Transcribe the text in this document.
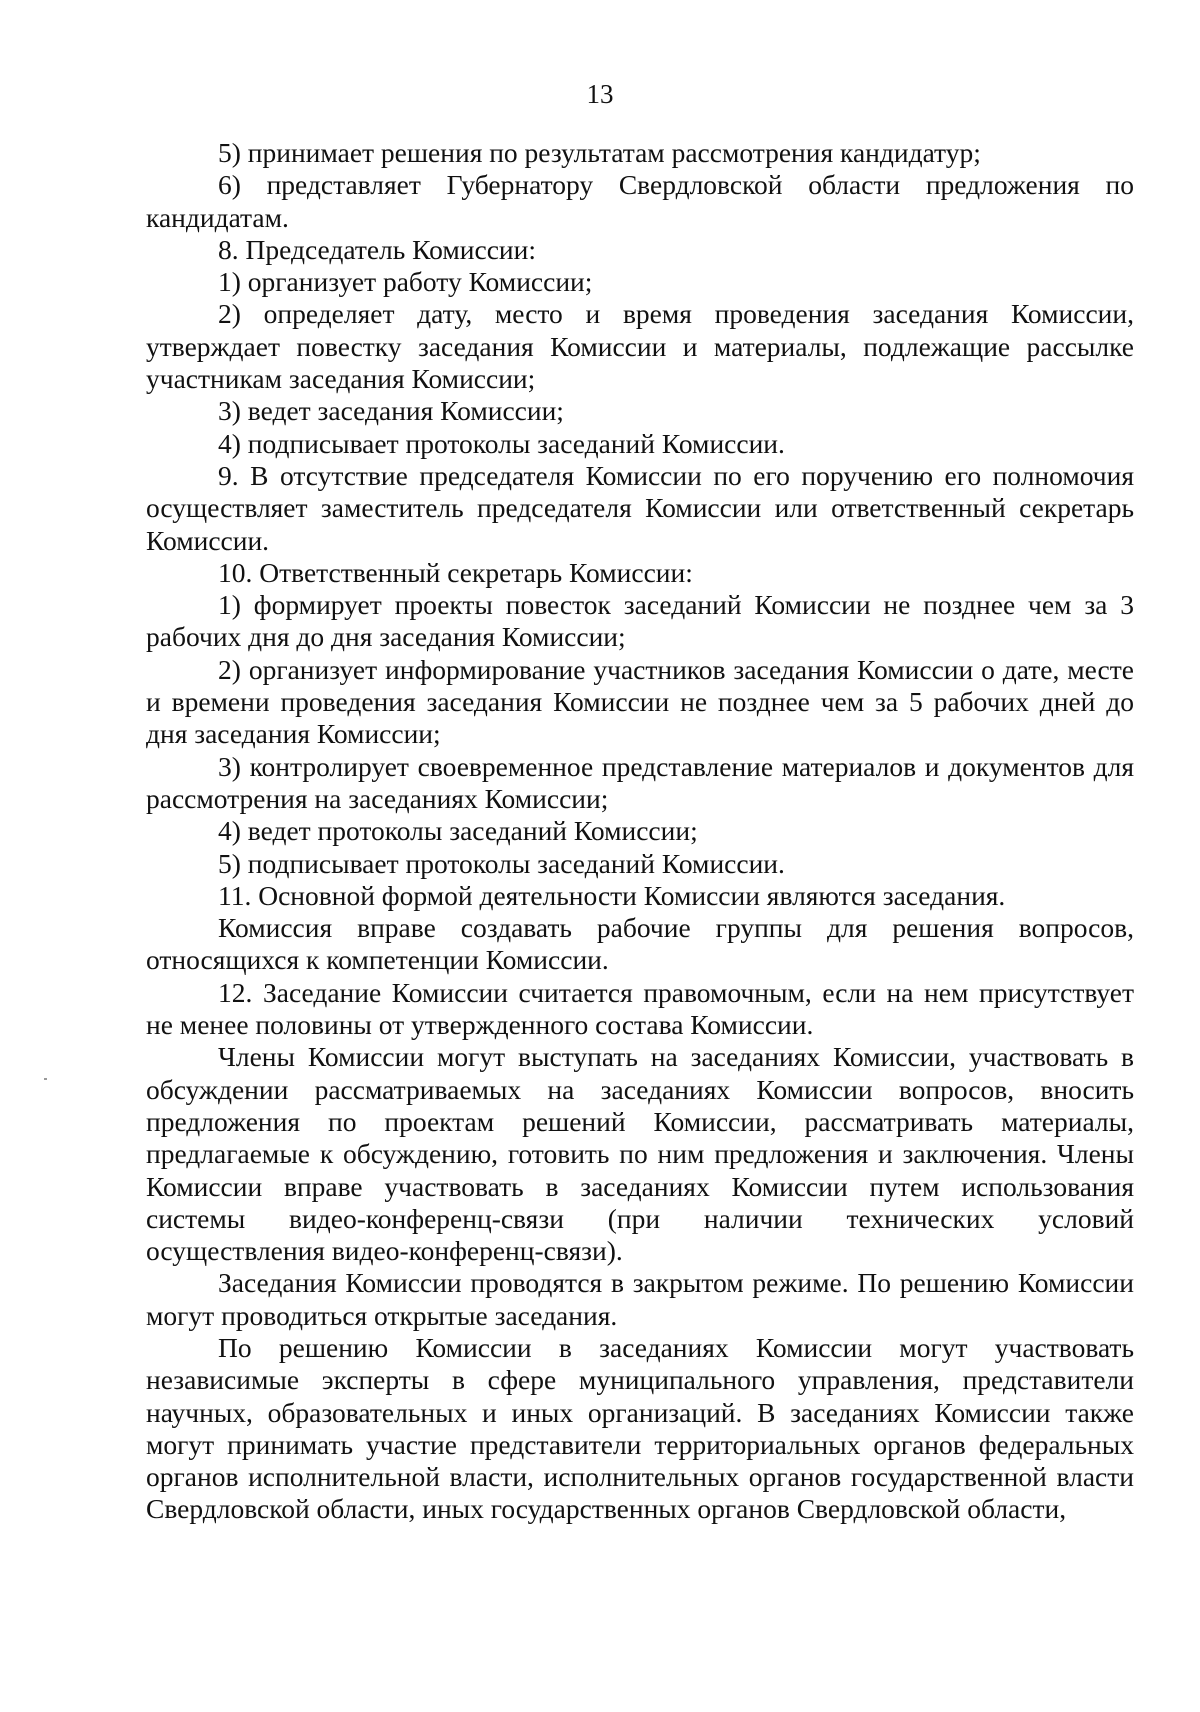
13

5) принимает решения по результатам рассмотрения кандидатур;

6) представляет Губернатору Свердловской области предложения по кандидатам.

8. Председатель Комиссии:

1) организует работу Комиссии;

2) определяет дату, место и время проведения заседания Комиссии, утверждает повестку заседания Комиссии и материалы, подлежащие рассылке участникам заседания Комиссии;

3) ведет заседания Комиссии;

4) подписывает протоколы заседаний Комиссии.

9. В отсутствие председателя Комиссии по его поручению его полномочия осуществляет заместитель председателя Комиссии или ответственный секретарь Комиссии.

10. Ответственный секретарь Комиссии:

1) формирует проекты повесток заседаний Комиссии не позднее чем за 3 рабочих дня до дня заседания Комиссии;

2) организует информирование участников заседания Комиссии о дате, месте и времени проведения заседания Комиссии не позднее чем за 5 рабочих дней до дня заседания Комиссии;

3) контролирует своевременное представление материалов и документов для рассмотрения на заседаниях Комиссии;

4) ведет протоколы заседаний Комиссии;

5) подписывает протоколы заседаний Комиссии.

11. Основной формой деятельности Комиссии являются заседания.

Комиссия вправе создавать рабочие группы для решения вопросов, относящихся к компетенции Комиссии.

12. Заседание Комиссии считается правомочным, если на нем присутствует не менее половины от утвержденного состава Комиссии.

Члены Комиссии могут выступать на заседаниях Комиссии, участвовать в обсуждении рассматриваемых на заседаниях Комиссии вопросов, вносить предложения по проектам решений Комиссии, рассматривать материалы, предлагаемые к обсуждению, готовить по ним предложения и заключения. Члены Комиссии вправе участвовать в заседаниях Комиссии путем использования системы видео-конференц-связи (при наличии технических условий осуществления видео-конференц-связи).

Заседания Комиссии проводятся в закрытом режиме. По решению Комиссии могут проводиться открытые заседания.

По решению Комиссии в заседаниях Комиссии могут участвовать независимые эксперты в сфере муниципального управления, представители научных, образовательных и иных организаций. В заседаниях Комиссии также могут принимать участие представители территориальных органов федеральных органов исполнительной власти, исполнительных органов государственной власти Свердловской области, иных государственных органов Свердловской области,
